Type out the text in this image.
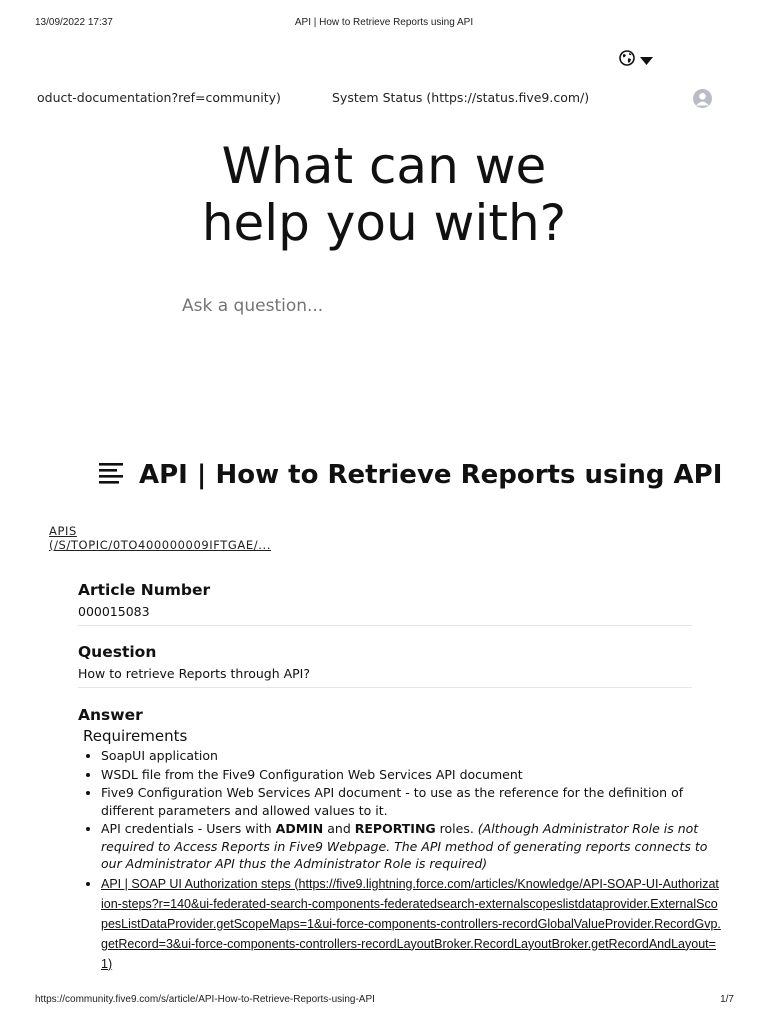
13/09/2022 17:37	API | How to Retrieve Reports using API
oduct-documentation?ref=community)	System Status (https://status.five9.com/)
What can we
help you with?
Ask a question...
API | How to Retrieve Reports using API
APIS
(/S/TOPIC/0TO400000009IFTGAE/...
Article Number
000015083
Question
How to retrieve Reports through API?
Answer
Requirements
• SoapUI application
• WSDL file from the Five9 Configuration Web Services API document
• Five9 Configuration Web Services API document - to use as the reference for the definition of different parameters and allowed values to it.
• API credentials - Users with ADMIN and REPORTING roles. (Although Administrator Role is not required to Access Reports in Five9 Webpage. The API method of generating reports connects to our Administrator API thus the Administrator Role is required)
• API | SOAP UI Authorization steps (https://five9.lightning.force.com/articles/Knowledge/API-SOAP-UI-Authorization-steps?r=140&ui-federated-search-components-federatedsearch-externalscopeslistdataprovider.ExternalScopesListDataProvider.getScopeMaps=1&ui-force-components-controllers-recordGlobalValueProvider.RecordGvp.getRecord=3&ui-force-components-controllers-recordLayoutBroker.RecordLayoutBroker.getRecordAndLayout=1)
https://community.five9.com/s/article/API-How-to-Retrieve-Reports-using-API	1/7
